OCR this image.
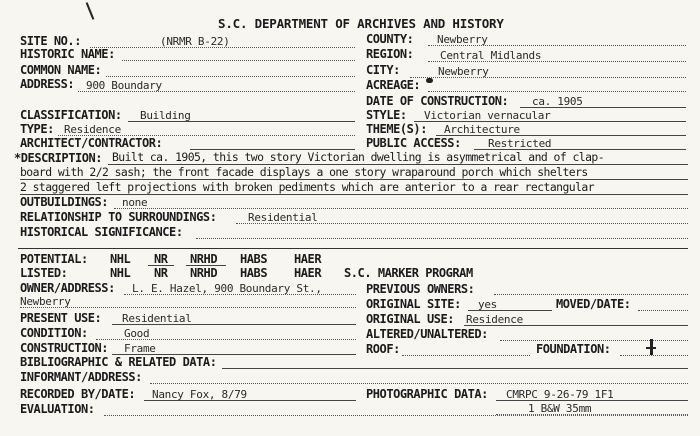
S.C. DEPARTMENT OF ARCHIVES AND HISTORY
SITE NO.:	(NRMR B-22)
HISTORIC NAME:
COMMON NAME:
ADDRESS: 900 Boundary
CLASSIFICATION: Building
TYPE: Residence
ARCHITECT/CONTRACTOR:
COUNTY: Newberry
REGION: Central Midlands
CITY:	Newberry
ACREAGE:
DATE OF CONSTRUCTION: ca. 1905
STYLE: Victorian vernacular
THEME(S): Architecture
PUBLIC ACCESS: Restricted
*DESCRIPTION: Built ca. 1905, this two story Victorian dwelling is asymmetrical and of clap-
board with 2/2 sash; the front facade displays a one story wraparound porch which shelters
2 staggered left projections with broken pediments which are anterior to a rear rectangular
OUTBUILDINGS: none
RELATIONSHIP TO SURROUNDINGS:	Residential
HISTORICAL SIGNIFICANCE:
POTENTIAL: NHL NR NRHD HABS HAER
LISTED:	NHL NR NRHD HABS HAER S.C. MARKER PROGRAM
OWNER/ADDRESS: L. E. Hazel, 900 Boundary St.,
Newberry
PRESENT USE: Residential
CONDITION:	Good
CONSTRUCTION: Frame
BIBLIOGRAPHIC & RELATED DATA:
INFORMANT/ADDRESS:
RECORDED BY/DATE: Nancy Fox, 8/79
EVALUATION:
PREVIOUS OWNERS:
ORIGINAL SITE: yes	MOVED/DATE:
ORIGINAL USE: Residence
ALTERED/UNALTERED:
ROOF:	FOUNDATION:
PHOTOGRAPHIC DATA: CMRPC 9-26-79 1F1
1 B&W 35mm
